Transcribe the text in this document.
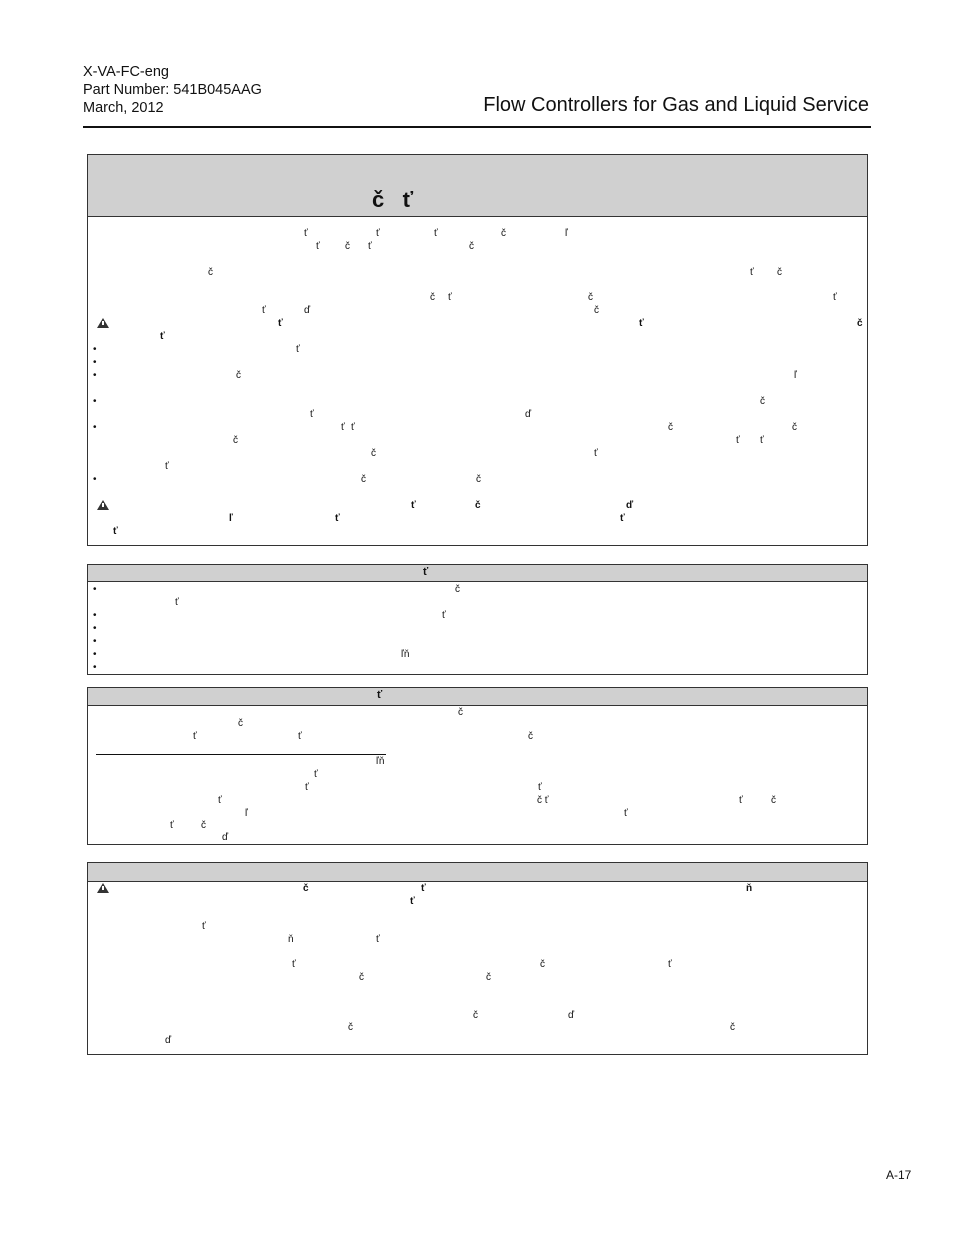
X-VA-FC-eng
Part Number: 541B045AAG
March, 2012	Flow Controllers for Gas and Liquid Service
č   ť
ť
ť
ť	ť	ť	č	ľ
ť	č ť	č
č	ť č
č ť	č	ť
ť	ď	č
ť	ť	č
ť
ť
č	ľ
č
ť	ď
ť ť	č	č
č	ť ť
č	ť
ť
č	č
ť	č	ď
ľ	ť	ť
ť
č
ť
ť
ľň
č
č
ť	ť	č
ľň
ť
ť	ť
ť	č ť	ť	č
ľ	ť
ť	č
ď
č	ť	ň
ť
ť
ň	ť
ť	č	ť
č	č
č	ď
č	č
ď
•
•
•
•
•
•
•
•
•
•
•
•
A-17
